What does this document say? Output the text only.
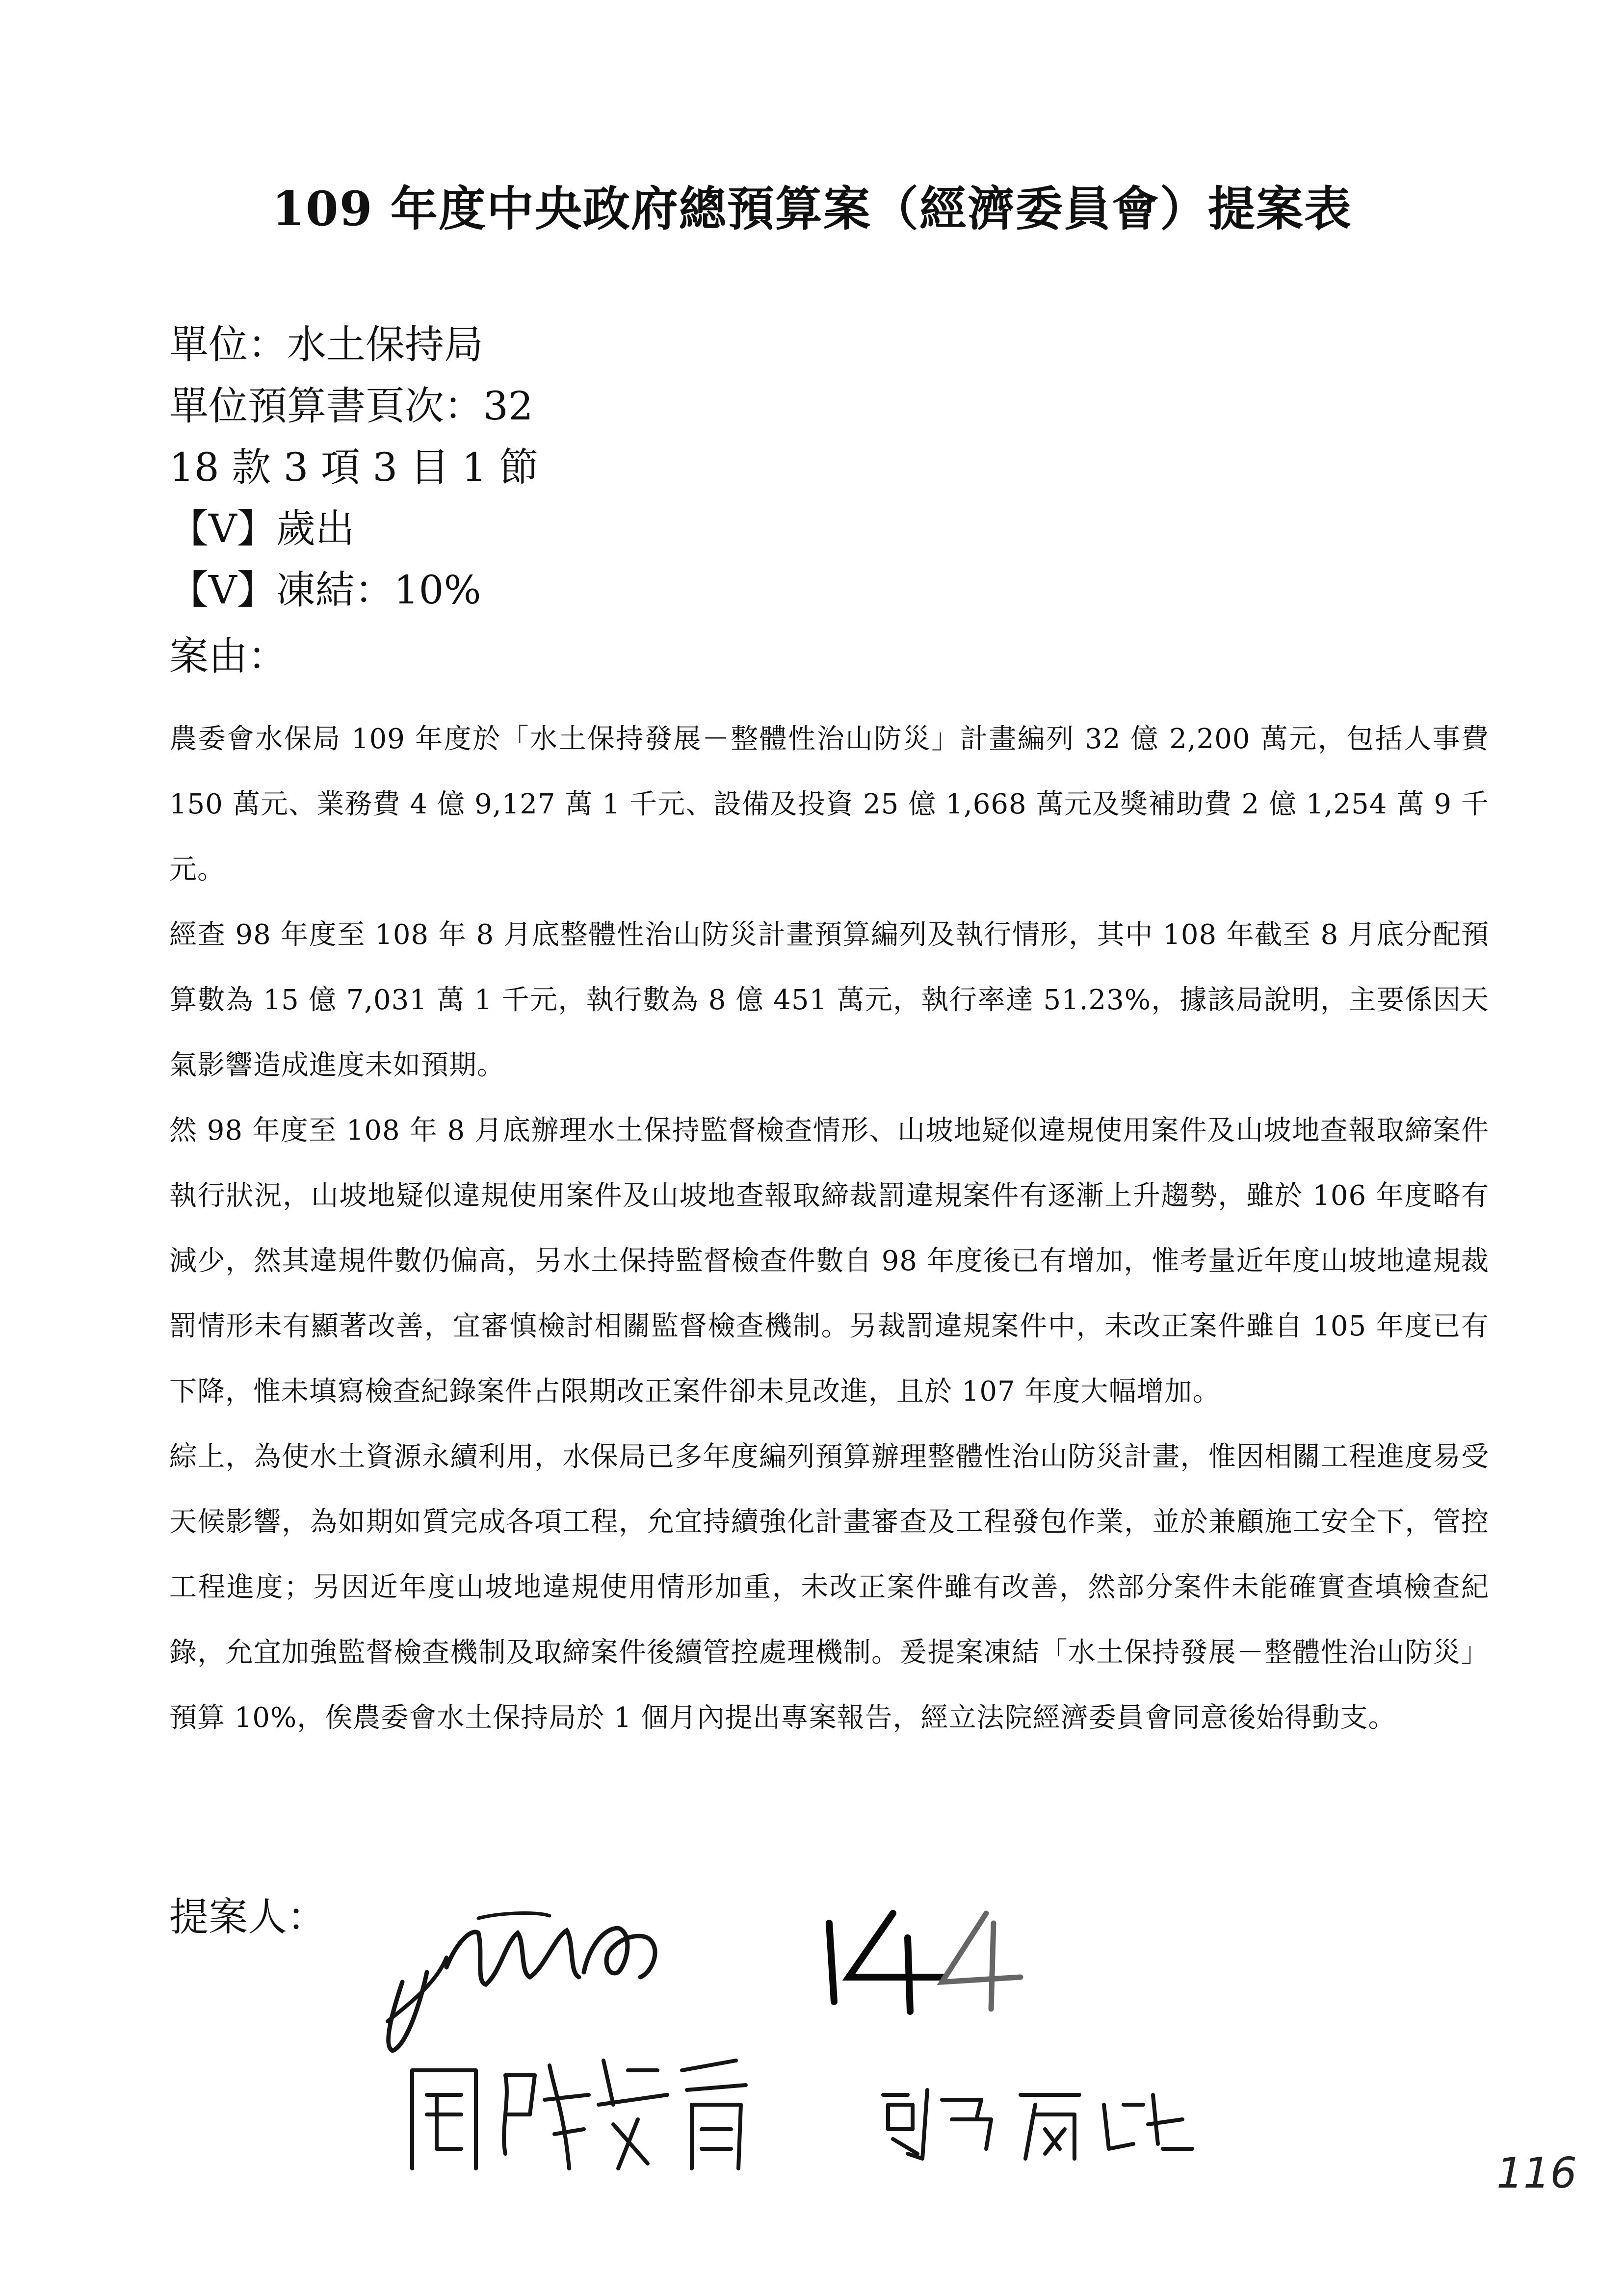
109 年度中央政府總預算案（經濟委員會）提案表
單位：水土保持局
單位預算書頁次：32
18 款 3 項 3 目 1 節
【V】歲出
【V】凍結：10%
案由：

農委會水保局 109 年度於「水土保持發展－整體性治山防災」計畫編列 32 億 2,200 萬元，包括人事費 150 萬元、業務費 4 億 9,127 萬 1 千元、設備及投資 25 億 1,668 萬元及獎補助費 2 億 1,254 萬 9 千元。

經查 98 年度至 108 年 8 月底整體性治山防災計畫預算編列及執行情形，其中 108 年截至 8 月底分配預算數為 15 億 7,031 萬 1 千元，執行數為 8 億 451 萬元，執行率達 51.23%，據該局說明，主要係因天氣影響造成進度未如預期。

然 98 年度至 108 年 8 月底辦理水土保持監督檢查情形、山坡地疑似違規使用案件及山坡地查報取締案件執行狀況，山坡地疑似違規使用案件及山坡地查報取締裁罰違規案件有逐漸上升趨勢，雖於 106 年度略有減少，然其違規件數仍偏高，另水土保持監督檢查件數自 98 年度後已有增加，惟考量近年度山坡地違規裁罰情形未有顯著改善，宜審慎檢討相關監督檢查機制。另裁罰違規案件中，未改正案件雖自 105 年度已有下降，惟未填寫檢查紀錄案件占限期改正案件卻未見改進，且於 107 年度大幅增加。

綜上，為使水土資源永續利用，水保局已多年度編列預算辦理整體性治山防災計畫，惟因相關工程進度易受天候影響，為如期如質完成各項工程，允宜持續強化計畫審查及工程發包作業，並於兼顧施工安全下，管控工程進度；另因近年度山坡地違規使用情形加重，未改正案件雖有改善，然部分案件未能確實查填檢查紀錄，允宜加強監督檢查機制及取締案件後續管控處理機制。爰提案凍結「水土保持發展－整體性治山防災」預算 10%，俟農委會水土保持局於 1 個月內提出專案報告，經立法院經濟委員會同意後始得動支。

提案人：
116
